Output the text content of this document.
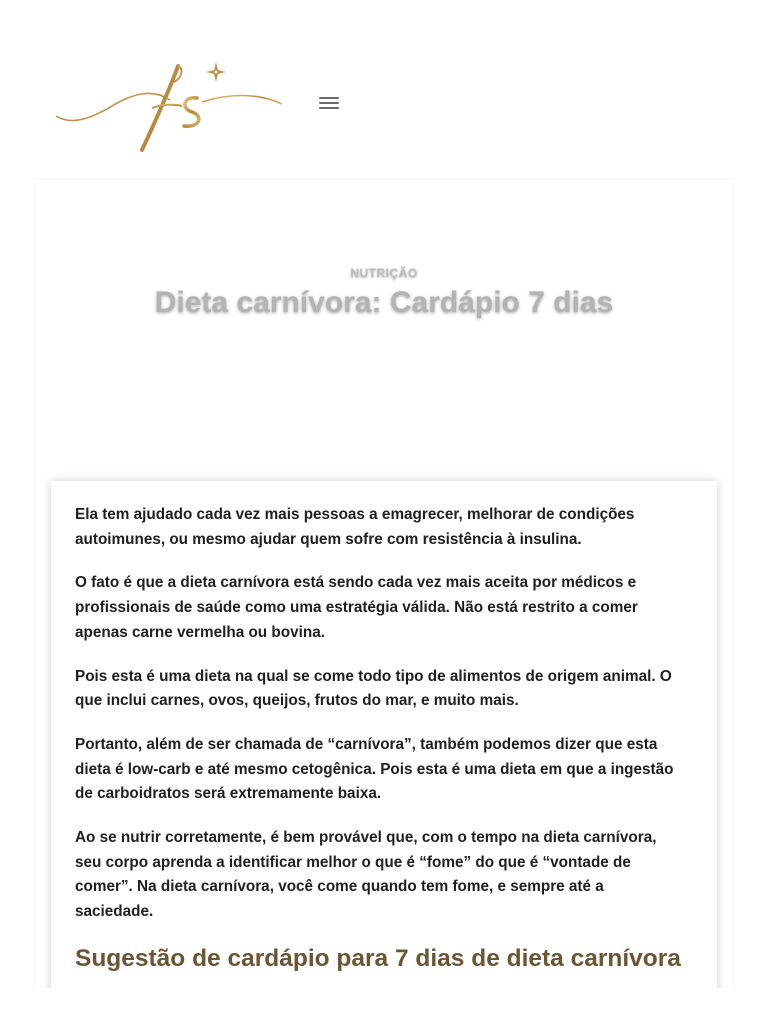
NUTRIÇÃO
Dieta carnívora: Cardápio 7 dias

Ela tem ajudado cada vez mais pessoas a emagrecer, melhorar de condições autoimunes, ou mesmo ajudar quem sofre com resistência à insulina.

O fato é que a dieta carnívora está sendo cada vez mais aceita por médicos e profissionais de saúde como uma estratégia válida. Não está restrito a comer apenas carne vermelha ou bovina.

Pois esta é uma dieta na qual se come todo tipo de alimentos de origem animal. O que inclui carnes, ovos, queijos, frutos do mar, e muito mais.

Portanto, além de ser chamada de “carnívora”, também podemos dizer que esta dieta é low-carb e até mesmo cetogênica. Pois esta é uma dieta em que a ingestão de carboidratos será extremamente baixa.

Ao se nutrir corretamente, é bem provável que, com o tempo na dieta carnívora, seu corpo aprenda a identificar melhor o que é “fome” do que é “vontade de comer”. Na dieta carnívora, você come quando tem fome, e sempre até a saciedade.

Sugestão de cardápio para 7 dias de dieta carnívora
